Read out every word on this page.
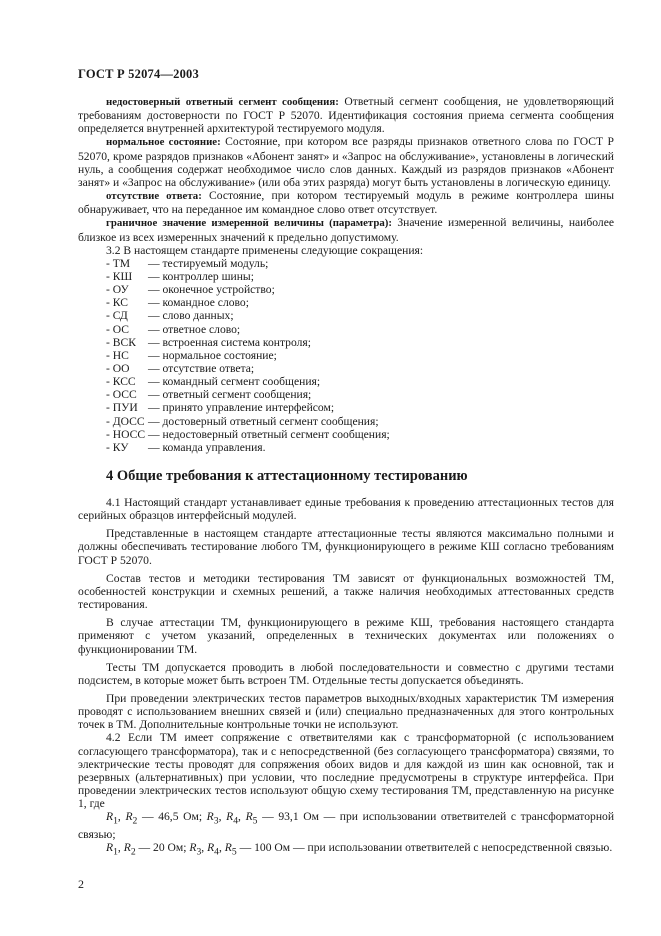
ГОСТ Р 52074—2003

недостоверный ответный сегмент сообщения: Ответный сегмент сообщения, не удовлетворяющий требованиям достоверности по ГОСТ Р 52070. Идентификация состояния приема сегмента сообщения определяется внутренней архитектурой тестируемого модуля.

нормальное состояние: Состояние, при котором все разряды признаков ответного слова по ГОСТ Р 52070, кроме разрядов признаков «Абонент занят» и «Запрос на обслуживание», установлены в логический нуль, а сообщения содержат необходимое число слов данных. Каждый из разрядов признаков «Абонент занят» и «Запрос на обслуживание» (или оба этих разряда) могут быть установлены в логическую единицу.

отсутствие ответа: Состояние, при котором тестируемый модуль в режиме контроллера шины обнаруживает, что на переданное им командное слово ответ отсутствует.

граничное значение измеренной величины (параметра): Значение измеренной величины, наиболее близкое из всех измеренных значений к предельно допустимому.

3.2 В настоящем стандарте применены следующие сокращения:

- ТМ — тестируемый модуль;
- КШ — контроллер шины;
- ОУ — оконечное устройство;
- КС — командное слово;
- СД — слово данных;
- ОС — ответное слово;
- ВСК — встроенная система контроля;
- НС — нормальное состояние;
- ОО — отсутствие ответа;
- КСС — командный сегмент сообщения;
- ОСС — ответный сегмент сообщения;
- ПУИ — принято управление интерфейсом;
- ДОСС — достоверный ответный сегмент сообщения;
- НОСС — недостоверный ответный сегмент сообщения;
- КУ — команда управления.
4 Общие требования к аттестационному тестированию

4.1 Настоящий стандарт устанавливает единые требования к проведению аттестационных тестов для серийных образцов интерфейсный модулей.

Представленные в настоящем стандарте аттестационные тесты являются максимально полными и должны обеспечивать тестирование любого ТМ, функционирующего в режиме КШ согласно требованиям ГОСТ Р 52070.

Состав тестов и методики тестирования ТМ зависят от функциональных возможностей ТМ, особенностей конструкции и схемных решений, а также наличия необходимых аттестованных средств тестирования.

В случае аттестации ТМ, функционирующего в режиме КШ, требования настоящего стандарта применяют с учетом указаний, определенных в технических документах или положениях о функционировании ТМ.

Тесты ТМ допускается проводить в любой последовательности и совместно с другими тестами подсистем, в которые может быть встроен ТМ. Отдельные тесты допускается объединять.

При проведении электрических тестов параметров выходных/входных характеристик ТМ измерения проводят с использованием внешних связей и (или) специально предназначенных для этого контрольных точек в ТМ. Дополнительные контрольные точки не используют.

4.2 Если ТМ имеет сопряжение с ответвителями как с трансформаторной (с использованием согласующего трансформатора), так и с непосредственной (без согласующего трансформатора) связями, то электрические тесты проводят для сопряжения обоих видов и для каждой из шин как основной, так и резервных (альтернативных) при условии, что последние предусмотрены в структуре интерфейса. При проведении электрических тестов используют общую схему тестирования ТМ, представленную на рисунке 1, где

$R_1$, $R_2$ — 46,5 Ом; $R_3$, $R_4$, $R_5$ — 93,1 Ом — при использовании ответвителей с трансформаторной связью;

$R_1$, $R_2$ — 20 Ом; $R_3$, $R_4$, $R_5$ — 100 Ом — при использовании ответвителей с непосредственной связью.

2
